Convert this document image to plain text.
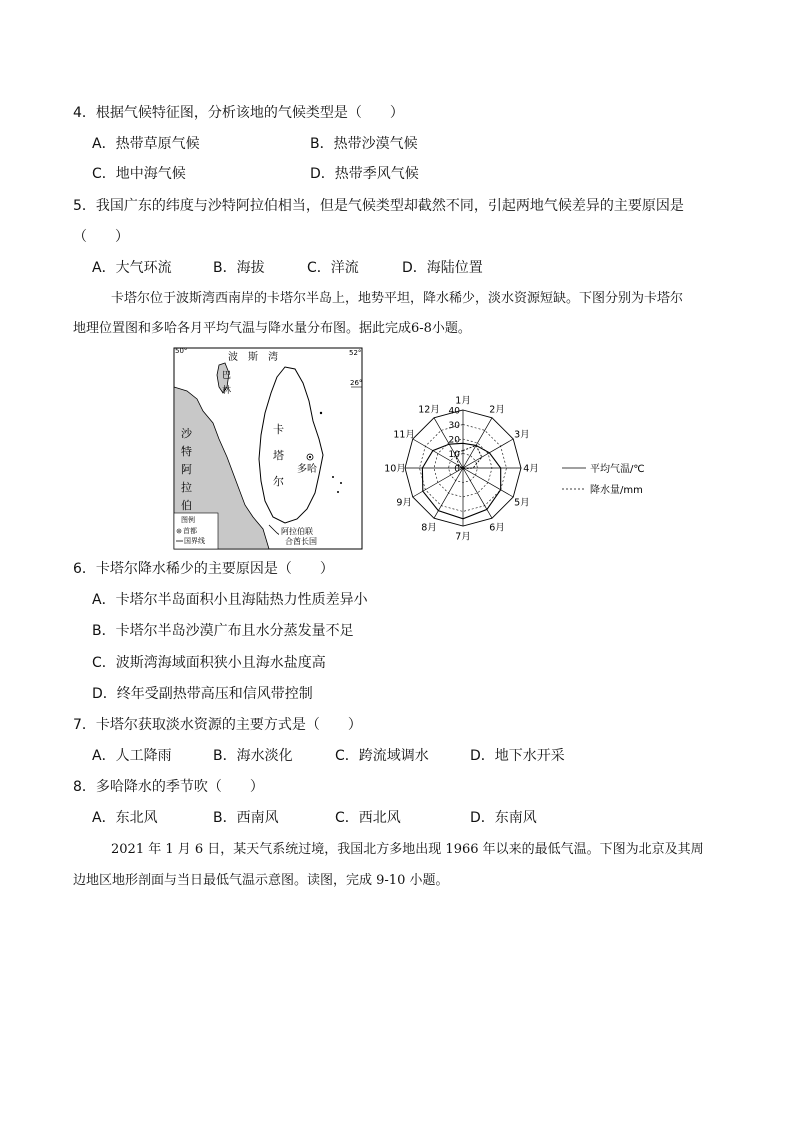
4．根据气候特征图，分析该地的气候类型是（　　）
A．热带草原气候	B．热带沙漠气候
C．地中海气候	D．热带季风气候
5．我国广东的纬度与沙特阿拉伯相当，但是气候类型却截然不同，引起两地气候差异的主要原因是
（　　）
A．大气环流	B．海拔	C．洋流	D．海陆位置
卡塔尔位于波斯湾西南岸的卡塔尔半岛上，地势平坦，降水稀少，淡水资源短缺。下图分别为卡塔尔
地理位置图和多哈各月平均气温与降水量分布图。据此完成6-8小题。
50°	52°
26°
波　斯　湾
巴
林
沙
特
阿
拉
伯
卡
塔
尔
多哈
阿拉伯联
合酋长国
图例
首都
国界线
1月
2月
3月
4月
5月
6月
7月
8月
9月
10月
11月
12月
0
10
20
30
40
平均气温/℃
降水量/mm
6．卡塔尔降水稀少的主要原因是（　　）
A．卡塔尔半岛面积小且海陆热力性质差异小
B．卡塔尔半岛沙漠广布且水分蒸发量不足
C．波斯湾海域面积狭小且海水盐度高
D．终年受副热带高压和信风带控制
7．卡塔尔获取淡水资源的主要方式是（　　）
A．人工降雨	B．海水淡化	C．跨流域调水	D．地下水开采
8．多哈降水的季节吹（　　）
A．东北风	B．西南风	C．西北风	D．东南风
2021 年 1 月 6 日，某天气系统过境，我国北方多地出现 1966 年以来的最低气温。下图为北京及其周
边地区地形剖面与当日最低气温示意图。读图，完成 9-10 小题。
